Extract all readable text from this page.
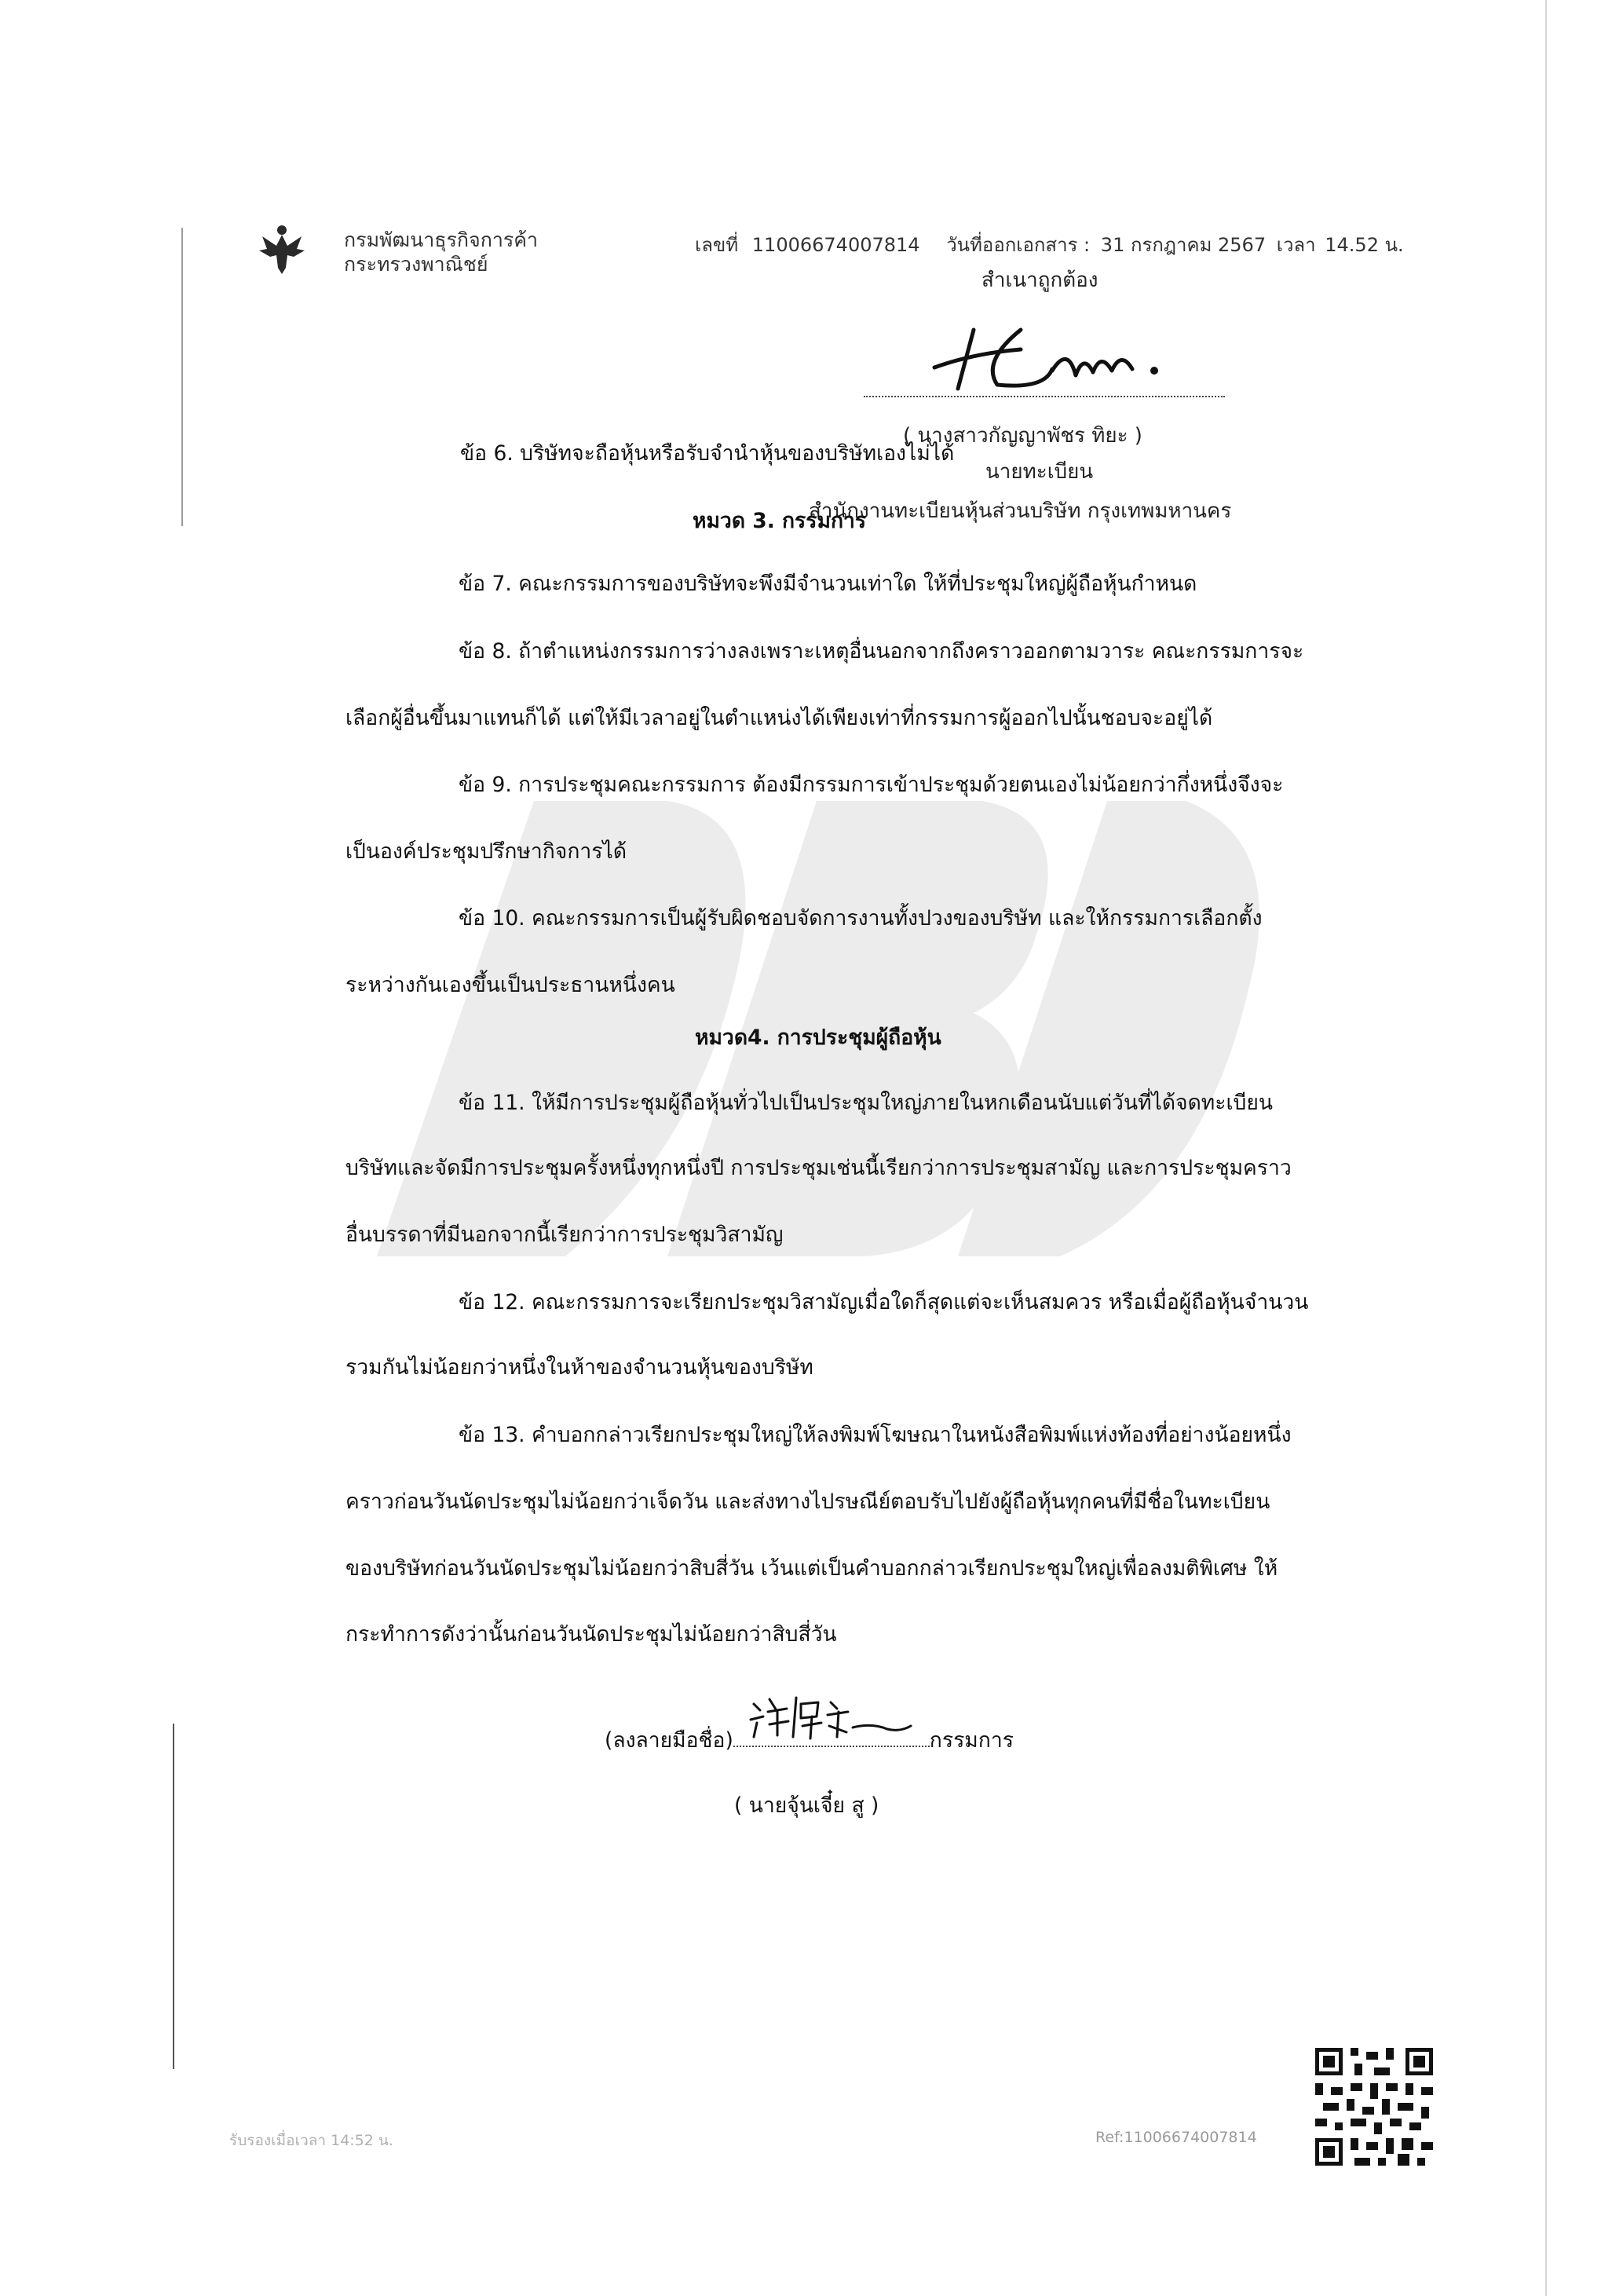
กรมพัฒนาธุรกิจการค้า
กระทรวงพาณิชย์
เลขที่ 11006674007814 วันที่ออกเอกสาร : 31 กรกฎาคม 2567 เวลา 14.52 น.
สำเนาถูกต้อง
( นางสาวกัญญาพัชร ทิยะ )
นายทะเบียน
สำนักงานทะเบียนหุ้นส่วนบริษัท กรุงเทพมหานคร
ข้อ 6. บริษัทจะถือหุ้นหรือรับจำนำหุ้นของบริษัทเองไม่ได้
หมวด 3. กรรมการ
ข้อ 7. คณะกรรมการของบริษัทจะพึงมีจำนวนเท่าใด ให้ที่ประชุมใหญ่ผู้ถือหุ้นกำหนด
ข้อ 8. ถ้าตำแหน่งกรรมการว่างลงเพราะเหตุอื่นนอกจากถึงคราวออกตามวาระ คณะกรรมการจะ
เลือกผู้อื่นขึ้นมาแทนก็ได้ แต่ให้มีเวลาอยู่ในตำแหน่งได้เพียงเท่าที่กรรมการผู้ออกไปนั้นชอบจะอยู่ได้
ข้อ 9. การประชุมคณะกรรมการ ต้องมีกรรมการเข้าประชุมด้วยตนเองไม่น้อยกว่ากึ่งหนึ่งจึงจะ
เป็นองค์ประชุมปรึกษากิจการได้
ข้อ 10. คณะกรรมการเป็นผู้รับผิดชอบจัดการงานทั้งปวงของบริษัท และให้กรรมการเลือกตั้ง
ระหว่างกันเองขึ้นเป็นประธานหนึ่งคน
หมวด4. การประชุมผู้ถือหุ้น
ข้อ 11. ให้มีการประชุมผู้ถือหุ้นทั่วไปเป็นประชุมใหญ่ภายในหกเดือนนับแต่วันที่ได้จดทะเบียน
บริษัทและจัดมีการประชุมครั้งหนึ่งทุกหนึ่งปี การประชุมเช่นนี้เรียกว่าการประชุมสามัญ และการประชุมคราว
อื่นบรรดาที่มีนอกจากนี้เรียกว่าการประชุมวิสามัญ
ข้อ 12. คณะกรรมการจะเรียกประชุมวิสามัญเมื่อใดก็สุดแต่จะเห็นสมควร หรือเมื่อผู้ถือหุ้นจำนวน
รวมกันไม่น้อยกว่าหนึ่งในห้าของจำนวนหุ้นของบริษัท
ข้อ 13. คำบอกกล่าวเรียกประชุมใหญ่ให้ลงพิมพ์โฆษณาในหนังสือพิมพ์แห่งท้องที่อย่างน้อยหนึ่ง
คราวก่อนวันนัดประชุมไม่น้อยกว่าเจ็ดวัน และส่งทางไปรษณีย์ตอบรับไปยังผู้ถือหุ้นทุกคนที่มีชื่อในทะเบียน
ของบริษัทก่อนวันนัดประชุมไม่น้อยกว่าสิบสี่วัน เว้นแต่เป็นคำบอกกล่าวเรียกประชุมใหญ่เพื่อลงมติพิเศษ ให้
กระทำการดังว่านั้นก่อนวันนัดประชุมไม่น้อยกว่าสิบสี่วัน
(ลงลายมือชื่อ)	กรรมการ
( นายจุ้นเจี๋ย สู )
รับรองเมื่อเวลา 14:52 น.	Ref:11006674007814
